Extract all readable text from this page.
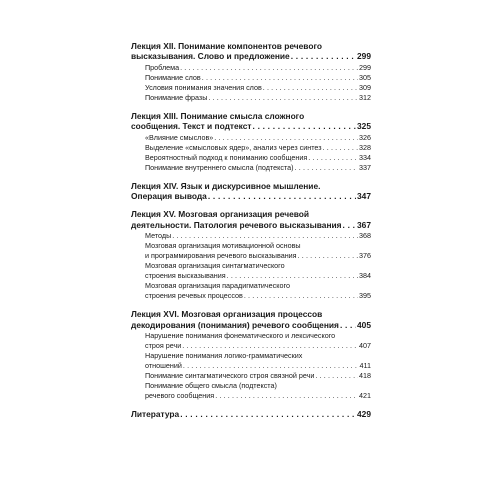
Лекция XII. Понимание компонентов речевого
высказывания. Слово и предложение . . .	299
Проблема . . .	299
Понимание слов . . .	305
Условия понимания значения слов . . .	309
Понимание фразы . . .	312
Лекция XIII. Понимание смысла сложного
сообщения. Текст и подтекст . . .	325
«Влияние смыслов» . . .	326
Выделение «смысловых ядер», анализ через синтез . . .	328
Вероятностный подход к пониманию сообщения . . .	334
Понимание внутреннего смысла (подтекста) . . .	337
Лекция XIV. Язык и дискурсивное мышление.
Операция вывода . . .	347
Лекция XV. Мозговая организация речевой
деятельности. Патология речевого высказывания . . . 367
Методы . . .	368
Мозговая организация мотивационной основы
и программирования речевого высказывания . . .	376
Мозговая организация синтагматического
строения высказывания . . .	384
Мозговая организация парадигматического
строения речевых процессов . . .	395
Лекция XVI. Мозговая организация процессов
декодирования (понимания) речевого сообщения . . . 405
Нарушение понимания фонематического и лексического
строя речи . . .	407
Нарушение понимания логико-грамматических
отношений . . .	411
Понимание синтагматического строя связной речи . . .	418
Понимание общего смысла (подтекста)
речевого сообщения . . .	421
Литература . . .	429
